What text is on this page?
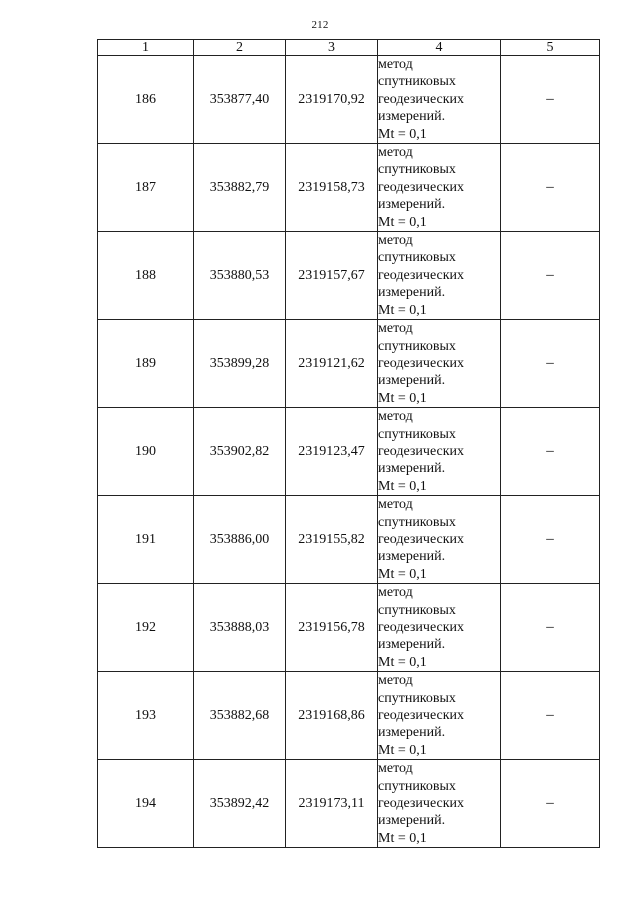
212
1	2	3	4	5
186	353877,40	2319170,92	метод
спутниковых
геодезических
измерений.
Mt = 0,1	–
187	353882,79	2319158,73	метод
спутниковых
геодезических
измерений.
Mt = 0,1	–
188	353880,53	2319157,67	метод
спутниковых
геодезических
измерений.
Mt = 0,1	–
189	353899,28	2319121,62	метод
спутниковых
геодезических
измерений.
Mt = 0,1	–
190	353902,82	2319123,47	метод
спутниковых
геодезических
измерений.
Mt = 0,1	–
191	353886,00	2319155,82	метод
спутниковых
геодезических
измерений.
Mt = 0,1	–
192	353888,03	2319156,78	метод
спутниковых
геодезических
измерений.
Mt = 0,1	–
193	353882,68	2319168,86	метод
спутниковых
геодезических
измерений.
Mt = 0,1	–
194	353892,42	2319173,11	метод
спутниковых
геодезических
измерений.
Mt = 0,1	–
